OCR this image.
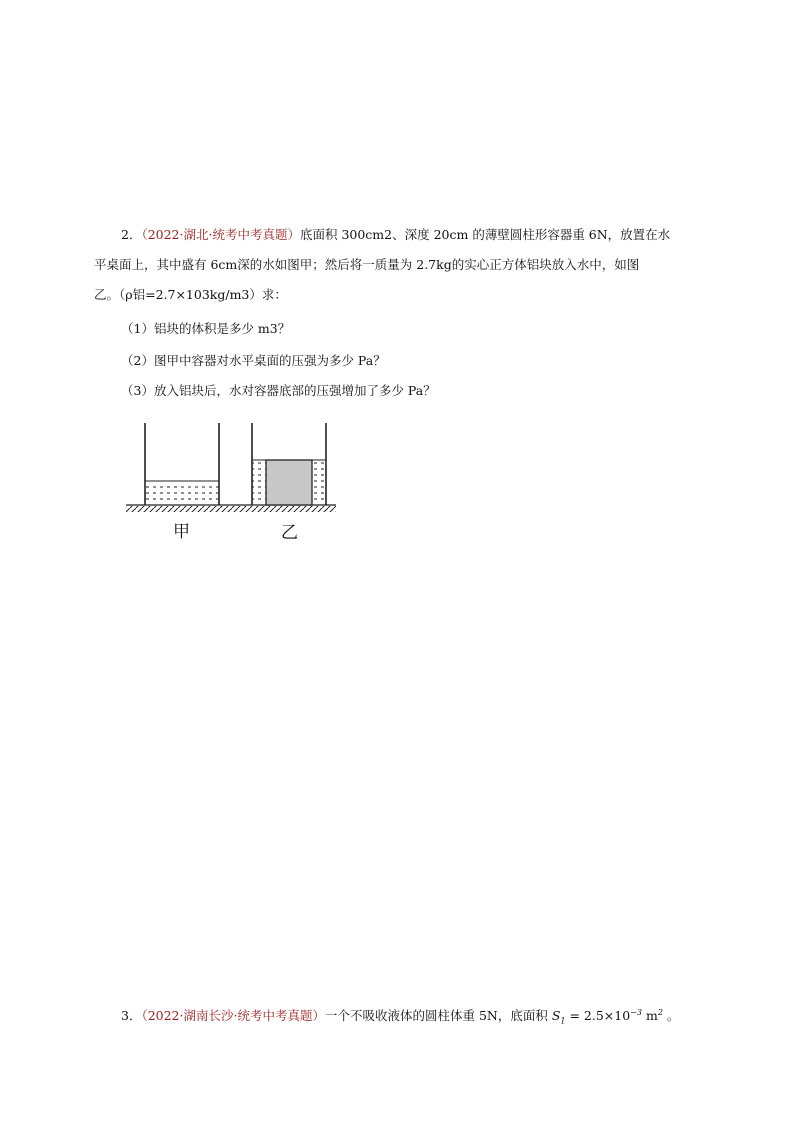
2．（2022·湖北·统考中考真题）底面积 300cm2、深度 20cm 的薄壁圆柱形容器重 6N，放置在水
平桌面上，其中盛有 6cm深的水如图甲；然后将一质量为 2.7kg的实心正方体铝块放入水中，如图
乙。（ρ铝=2.7×103kg/m3）求：
（1）铝块的体积是多少 m3？
（2）图甲中容器对水平桌面的压强为多少 Pa？
（3）放入铝块后，水对容器底部的压强增加了多少 Pa？
甲	乙
3．（2022·湖南长沙·统考中考真题）一个不吸收液体的圆柱体重 5N，底面积 $S_1 = 2.5\times 10^{-3}$ $m^2$ 。
